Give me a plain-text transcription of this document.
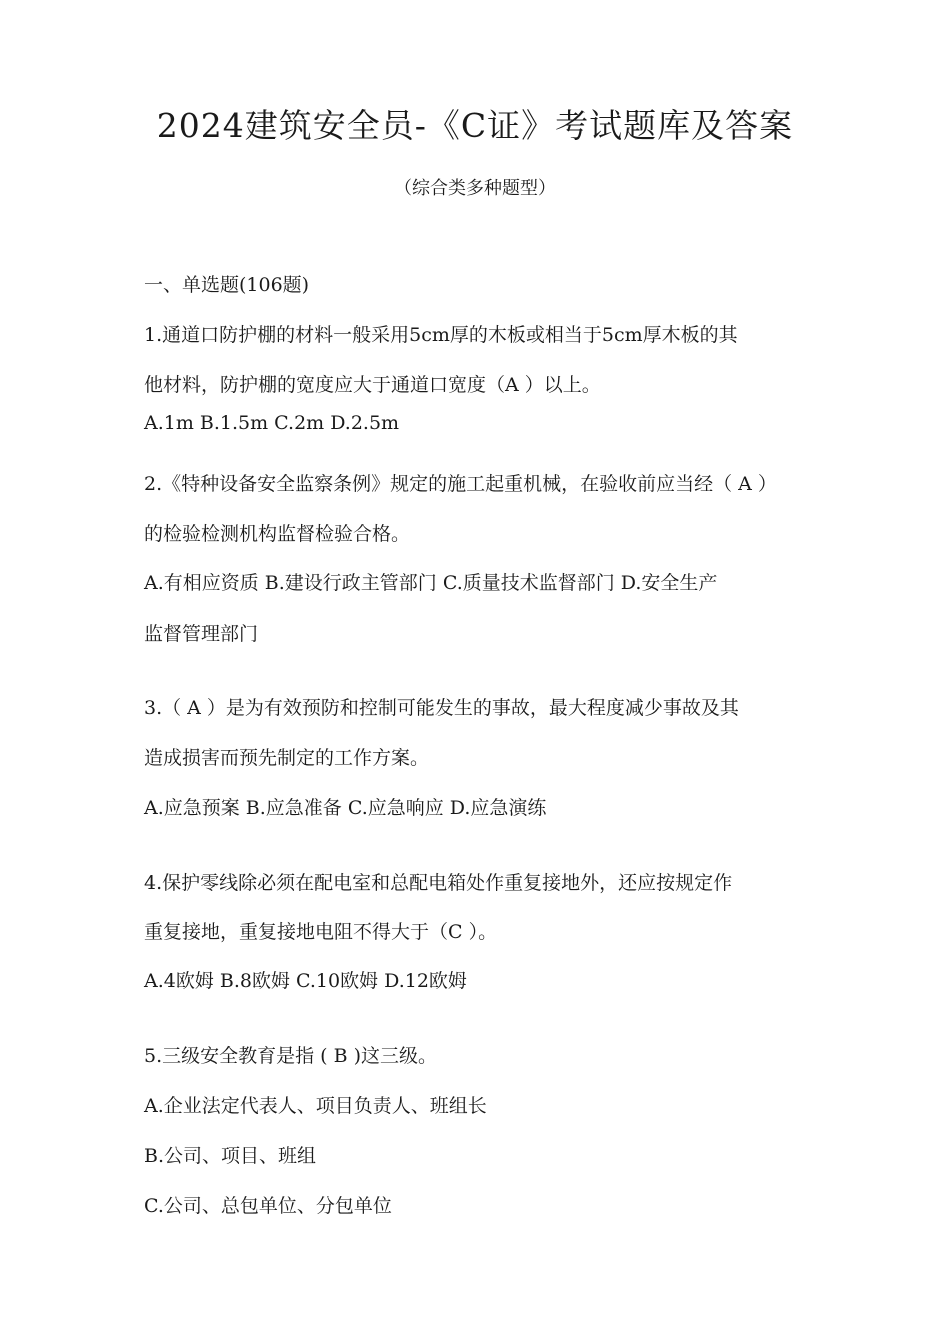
2024建筑安全员-《C证》考试题库及答案
（综合类多种题型）
一、单选题(106题)
1.通道口防护棚的材料一般采用5cm厚的木板或相当于5cm厚木板的其
他材料，防护棚的宽度应大于通道口宽度（A ）以上。
A.1m B.1.5m C.2m D.2.5m
2.《特种设备安全监察条例》规定的施工起重机械，在验收前应当经（ A ）
的检验检测机构监督检验合格。
A.有相应资质 B.建设行政主管部门 C.质量技术监督部门 D.安全生产
监督管理部门
3.（ A ）是为有效预防和控制可能发生的事故，最大程度减少事故及其
造成损害而预先制定的工作方案。
A.应急预案 B.应急准备 C.应急响应 D.应急演练
4.保护零线除必须在配电室和总配电箱处作重复接地外，还应按规定作
重复接地，重复接地电阻不得大于（C ）。
A.4欧姆 B.8欧姆 C.10欧姆 D.12欧姆
5.三级安全教育是指 ( B )这三级。
A.企业法定代表人、项目负责人、班组长
B.公司、项目、班组
C.公司、总包单位、分包单位
